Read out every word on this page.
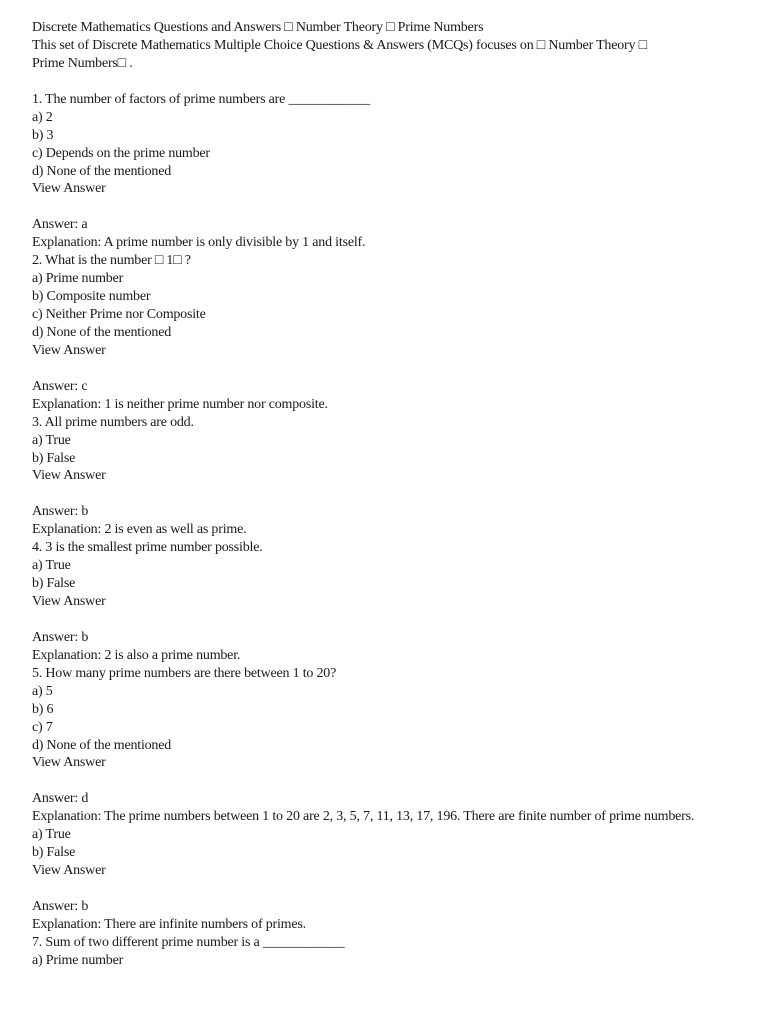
Discrete Mathematics Questions and Answers □ Number Theory □ Prime Numbers
This set of Discrete Mathematics Multiple Choice Questions & Answers (MCQs) focuses on □ Number Theory □
Prime Numbers□ .
1. The number of factors of prime numbers are ____________
a) 2
b) 3
c) Depends on the prime number
d) None of the mentioned
View Answer
Answer: a
Explanation: A prime number is only divisible by 1 and itself.
2. What is the number □ 1□ ?
a) Prime number
b) Composite number
c) Neither Prime nor Composite
d) None of the mentioned
View Answer
Answer: c
Explanation: 1 is neither prime number nor composite.
3. All prime numbers are odd.
a) True
b) False
View Answer
Answer: b
Explanation: 2 is even as well as prime.
4. 3 is the smallest prime number possible.
a) True
b) False
View Answer
Answer: b
Explanation: 2 is also a prime number.
5. How many prime numbers are there between 1 to 20?
a) 5
b) 6
c) 7
d) None of the mentioned
View Answer
Answer: d
Explanation: The prime numbers between 1 to 20 are 2, 3, 5, 7, 11, 13, 17, 196. There are finite number of prime numbers.
a) True
b) False
View Answer
Answer: b
Explanation: There are infinite numbers of primes.
7. Sum of two different prime number is a ____________
a) Prime number
